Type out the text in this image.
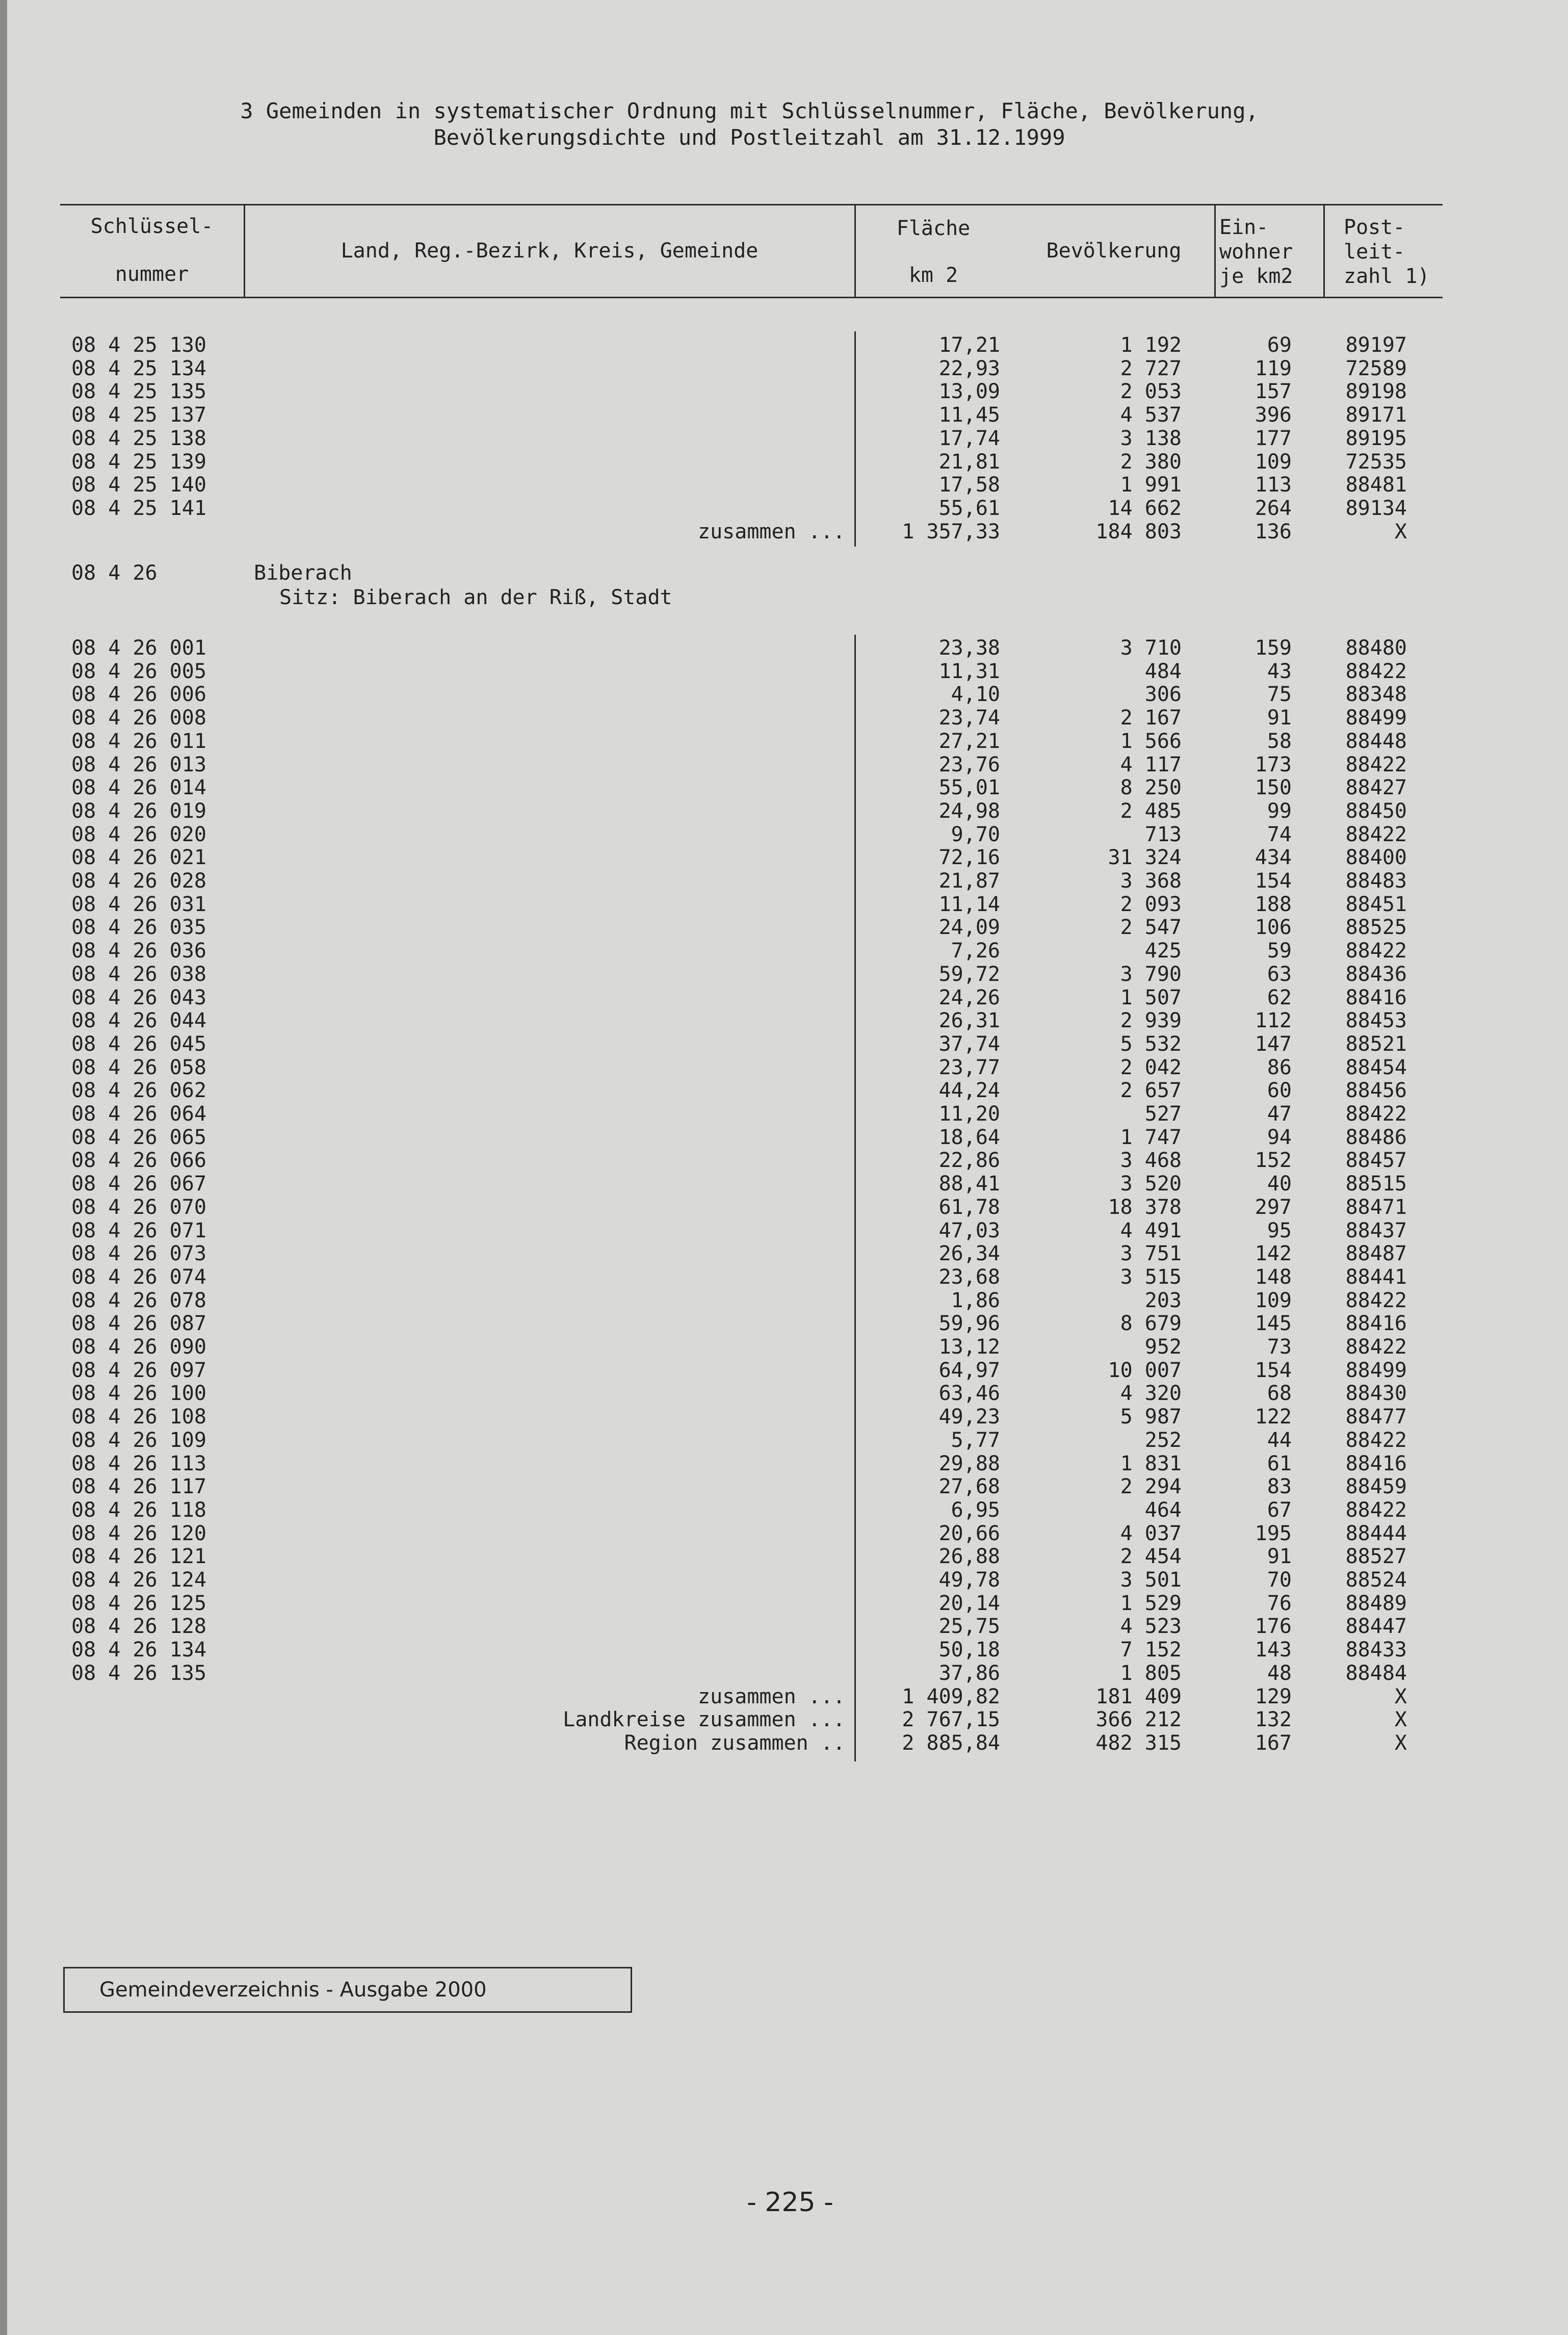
3 Gemeinden in systematischer Ordnung mit Schlüsselnummer, Fläche, Bevölkerung,
Bevölkerungsdichte und Postleitzahl am 31.12.1999
Schlüssel-
nummer
Land, Reg.-Bezirk, Kreis, Gemeinde
Fläche
km 2
Bevölkerung
Ein-
wohner
je km2
Post-
leit-
zahl 1)
08 4 25 130	17,21	1 192	69	89197
08 4 25 134	22,93	2 727	119	72589
08 4 25 135	13,09	2 053	157	89198
08 4 25 137	11,45	4 537	396	89171
08 4 25 138	17,74	3 138	177	89195
08 4 25 139	21,81	2 380	109	72535
08 4 25 140	17,58	1 991	113	88481
08 4 25 141	55,61	14 662	264	89134
zusammen ...	1 357,33	184 803	136	X
08 4 26	Biberach
Sitz: Biberach an der Riß, Stadt
08 4 26 001	23,38	3 710	159	88480
08 4 26 005	11,31	484	43	88422
08 4 26 006	4,10	306	75	88348
08 4 26 008	23,74	2 167	91	88499
08 4 26 011	27,21	1 566	58	88448
08 4 26 013	23,76	4 117	173	88422
08 4 26 014	55,01	8 250	150	88427
08 4 26 019	24,98	2 485	99	88450
08 4 26 020	9,70	713	74	88422
08 4 26 021	72,16	31 324	434	88400
08 4 26 028	21,87	3 368	154	88483
08 4 26 031	11,14	2 093	188	88451
08 4 26 035	24,09	2 547	106	88525
08 4 26 036	7,26	425	59	88422
08 4 26 038	59,72	3 790	63	88436
08 4 26 043	24,26	1 507	62	88416
08 4 26 044	26,31	2 939	112	88453
08 4 26 045	37,74	5 532	147	88521
08 4 26 058	23,77	2 042	86	88454
08 4 26 062	44,24	2 657	60	88456
08 4 26 064	11,20	527	47	88422
08 4 26 065	18,64	1 747	94	88486
08 4 26 066	22,86	3 468	152	88457
08 4 26 067	88,41	3 520	40	88515
08 4 26 070	61,78	18 378	297	88471
08 4 26 071	47,03	4 491	95	88437
08 4 26 073	26,34	3 751	142	88487
08 4 26 074	23,68	3 515	148	88441
08 4 26 078	1,86	203	109	88422
08 4 26 087	59,96	8 679	145	88416
08 4 26 090	13,12	952	73	88422
08 4 26 097	64,97	10 007	154	88499
08 4 26 100	63,46	4 320	68	88430
08 4 26 108	49,23	5 987	122	88477
08 4 26 109	5,77	252	44	88422
08 4 26 113	29,88	1 831	61	88416
08 4 26 117	27,68	2 294	83	88459
08 4 26 118	6,95	464	67	88422
08 4 26 120	20,66	4 037	195	88444
08 4 26 121	26,88	2 454	91	88527
08 4 26 124	49,78	3 501	70	88524
08 4 26 125	20,14	1 529	76	88489
08 4 26 128	25,75	4 523	176	88447
08 4 26 134	50,18	7 152	143	88433
08 4 26 135	37,86	1 805	48	88484
zusammen ...	1 409,82	181 409	129	X
Landkreise zusammen ...	2 767,15	366 212	132	X
Region zusammen ..	2 885,84	482 315	167	X
Gemeindeverzeichnis - Ausgabe 2000
- 225 -
